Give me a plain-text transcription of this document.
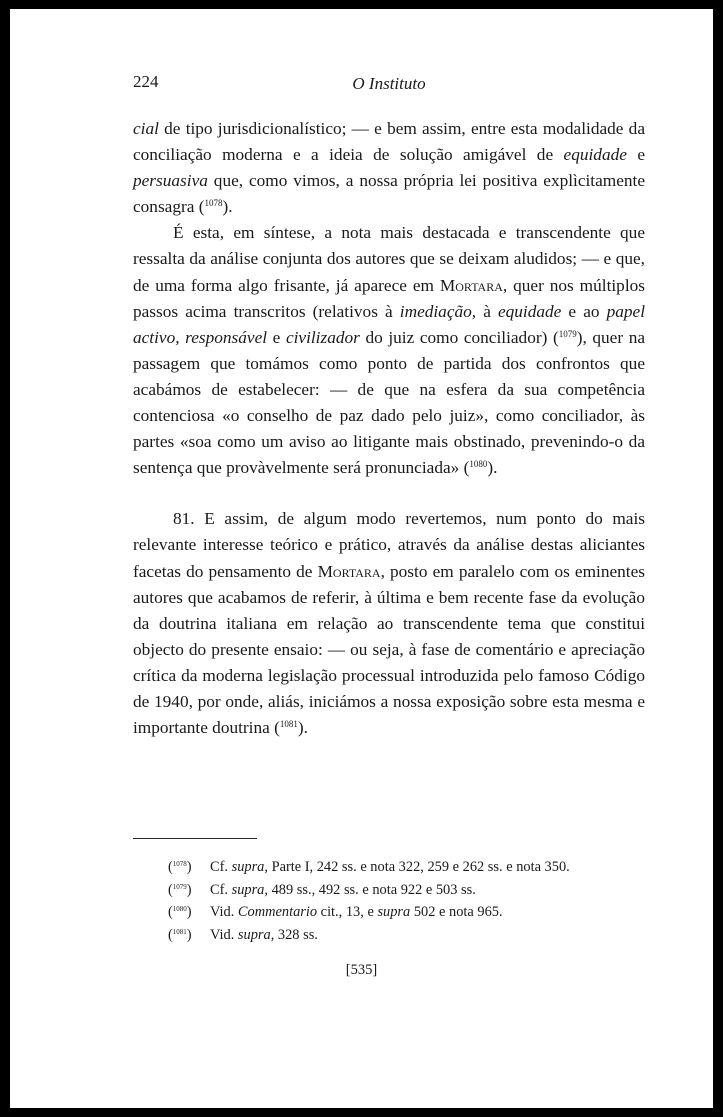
224	O Instituto

cial de tipo jurisdicionalístico; — e bem assim, entre esta modalidade da conciliação moderna e a ideia de solução amigável de equidade e persuasiva que, como vimos, a nossa própria lei positiva explìcitamente consagra ($^{1078}$).

É esta, em síntese, a nota mais destacada e transcendente que ressalta da análise conjunta dos autores que se deixam aludidos; — e que, de uma forma algo frisante, já aparece em Mortara, quer nos múltiplos passos acima transcritos (relativos à imediação, à equidade e ao papel activo, responsável e civilizador do juiz como conciliador) ($^{1079}$), quer na passagem que tomámos como ponto de partida dos confrontos que acabámos de estabelecer: — de que na esfera da sua competência contenciosa «o conselho de paz dado pelo juiz», como conciliador, às partes «soa como um aviso ao litigante mais obstinado, prevenindo-o da sentença que provàvelmente será pronunciada» ($^{1080}$).

81. E assim, de algum modo revertemos, num ponto do mais relevante interesse teórico e prático, através da análise destas aliciantes facetas do pensamento de Mortara, posto em paralelo com os eminentes autores que acabamos de referir, à última e bem recente fase da evolução da doutrina italiana em relação ao transcendente tema que constitui objecto do presente ensaio: — ou seja, à fase de comentário e apreciação crítica da moderna legislação processual introduzida pelo famoso Código de 1940, por onde, aliás, iniciámos a nossa exposição sobre esta mesma e importante doutrina ($^{1081}$).

($^{1078}$) Cf. supra, Parte I, 242 ss. e nota 322, 259 e 262 ss. e nota 350.
($^{1079}$) Cf. supra, 489 ss., 492 ss. e nota 922 e 503 ss.
($^{1080}$) Vid. Commentario cit., 13, e supra 502 e nota 965.
($^{1081}$) Vid. supra, 328 ss.
[535]
